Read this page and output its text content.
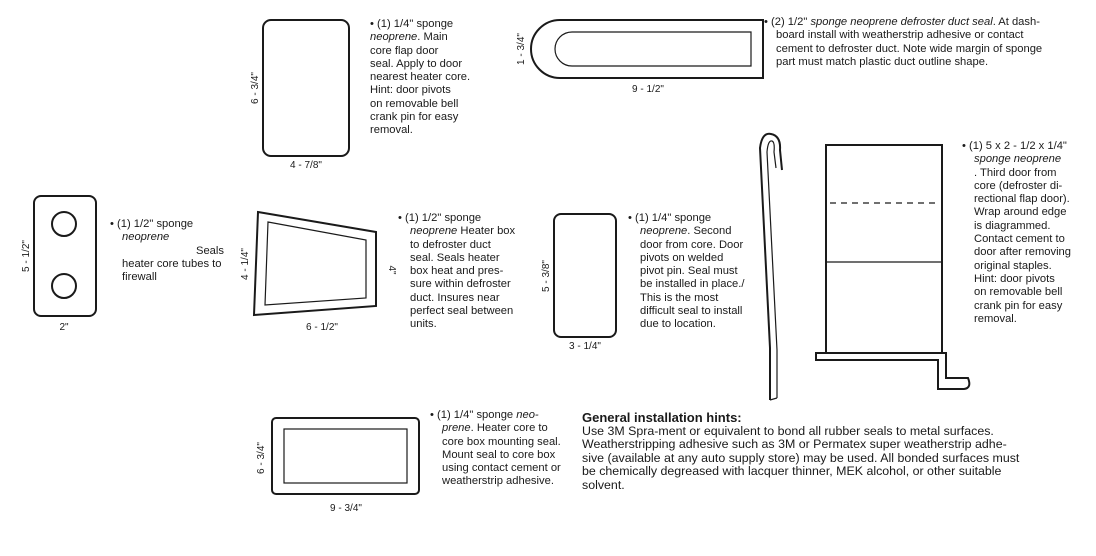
6 - 3/4"
4 - 7/8"
1 - 3/4"
9 - 1/2"
5 - 1/2"
2"
4 - 1/4"	4"
6 - 1/2"
5 - 3/8"
3 - 1/4"
6 - 3/4"
9 - 3/4"
• (1) 1/4" sponge
neoprene. Main
core flap door
seal. Apply to door
nearest heater core.
Hint: door pivots
on removable bell
crank pin for easy
removal.
• (2) 1/2" sponge neoprene defroster duct seal. At dash-
board install with weatherstrip adhesive or contact
cement to defroster duct. Note wide margin of sponge
part must match plastic duct outline shape.
• (1) 1/2" sponge
neoprene
Seals
heater core tubes to
firewall
• (1) 1/2" sponge
neoprene Heater box
to defroster duct
seal. Seals heater
box heat and pres-
sure within defroster
duct. Insures near
perfect seal between
units.
• (1) 1/4" sponge
neoprene. Second
door from core. Door
pivots on welded
pivot pin. Seal must
be installed in place./
This is the most
difficult seal to install
due to location.
• (1) 5 x 2 - 1/2 x 1/4"
sponge neoprene
. Third door from
core (defroster di-
rectional flap door).
Wrap around edge
is diagrammed.
Contact cement to
door after removing
original staples.
Hint: door pivots
on removable bell
crank pin for easy
removal.
• (1) 1/4" sponge neo-
prene. Heater core to
core box mounting seal.
Mount seal to core box
using contact cement or
weatherstrip adhesive.
General installation hints:
Use 3M Spra-ment or equivalent to bond all rubber seals to metal surfaces.
Weatherstripping adhesive such as 3M or Permatex super weatherstrip adhe-
sive (available at any auto supply store) may be used. All bonded surfaces must
be chemically degreased with lacquer thinner, MEK alcohol, or other suitable
solvent.
